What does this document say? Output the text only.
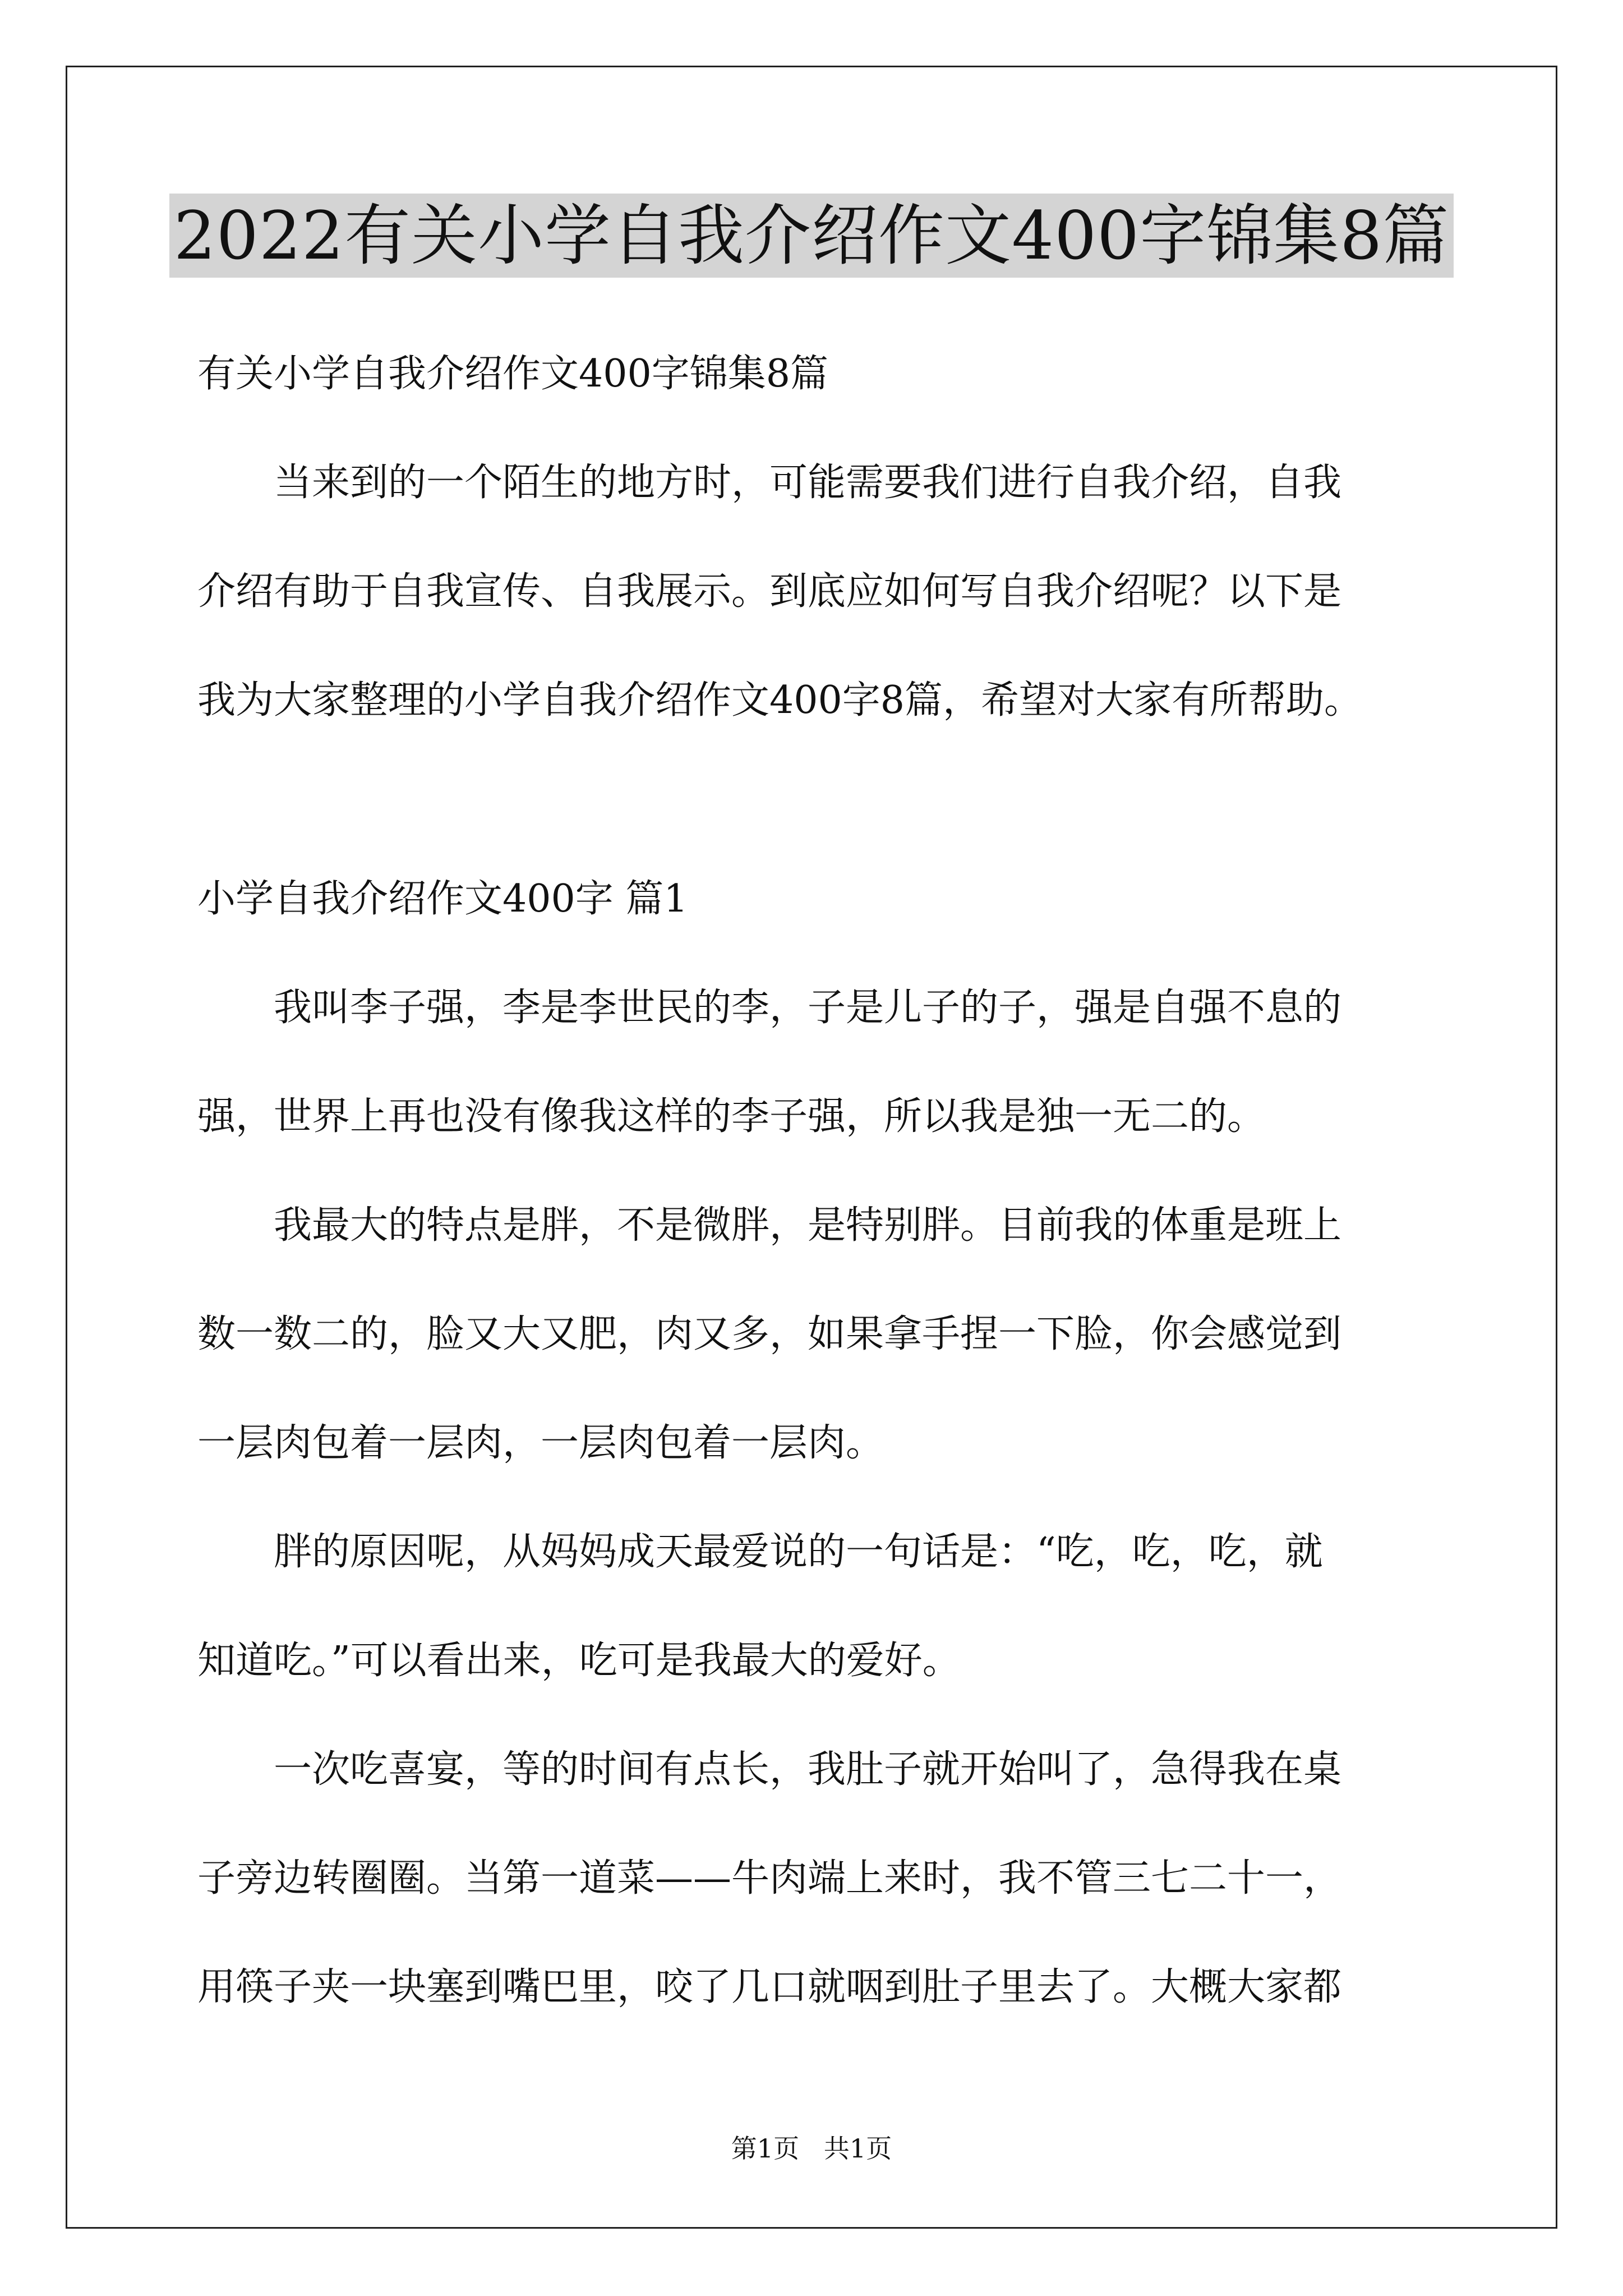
2022有关小学自我介绍作文400字锦集8篇

有关小学自我介绍作文400字锦集8篇

当来到的一个陌生的地方时，可能需要我们进行自我介绍，自我

介绍有助于自我宣传、自我展示。到底应如何写自我介绍呢？以下是

我为大家整理的小学自我介绍作文400字8篇，希望对大家有所帮助。

小学自我介绍作文400字 篇1

我叫李子强，李是李世民的李，子是儿子的子，强是自强不息的

强，世界上再也没有像我这样的李子强，所以我是独一无二的。

我最大的特点是胖，不是微胖，是特别胖。目前我的体重是班上

数一数二的，脸又大又肥，肉又多，如果拿手捏一下脸，你会感觉到

一层肉包着一层肉，一层肉包着一层肉。

胖的原因呢，从妈妈成天最爱说的一句话是：“吃，吃，吃，就

知道吃。”可以看出来，吃可是我最大的爱好。

一次吃喜宴，等的时间有点长，我肚子就开始叫了，急得我在桌

子旁边转圈圈。当第一道菜——牛肉端上来时，我不管三七二十一，

用筷子夹一块塞到嘴巴里，咬了几口就咽到肚子里去了。大概大家都

第1页   共1页
